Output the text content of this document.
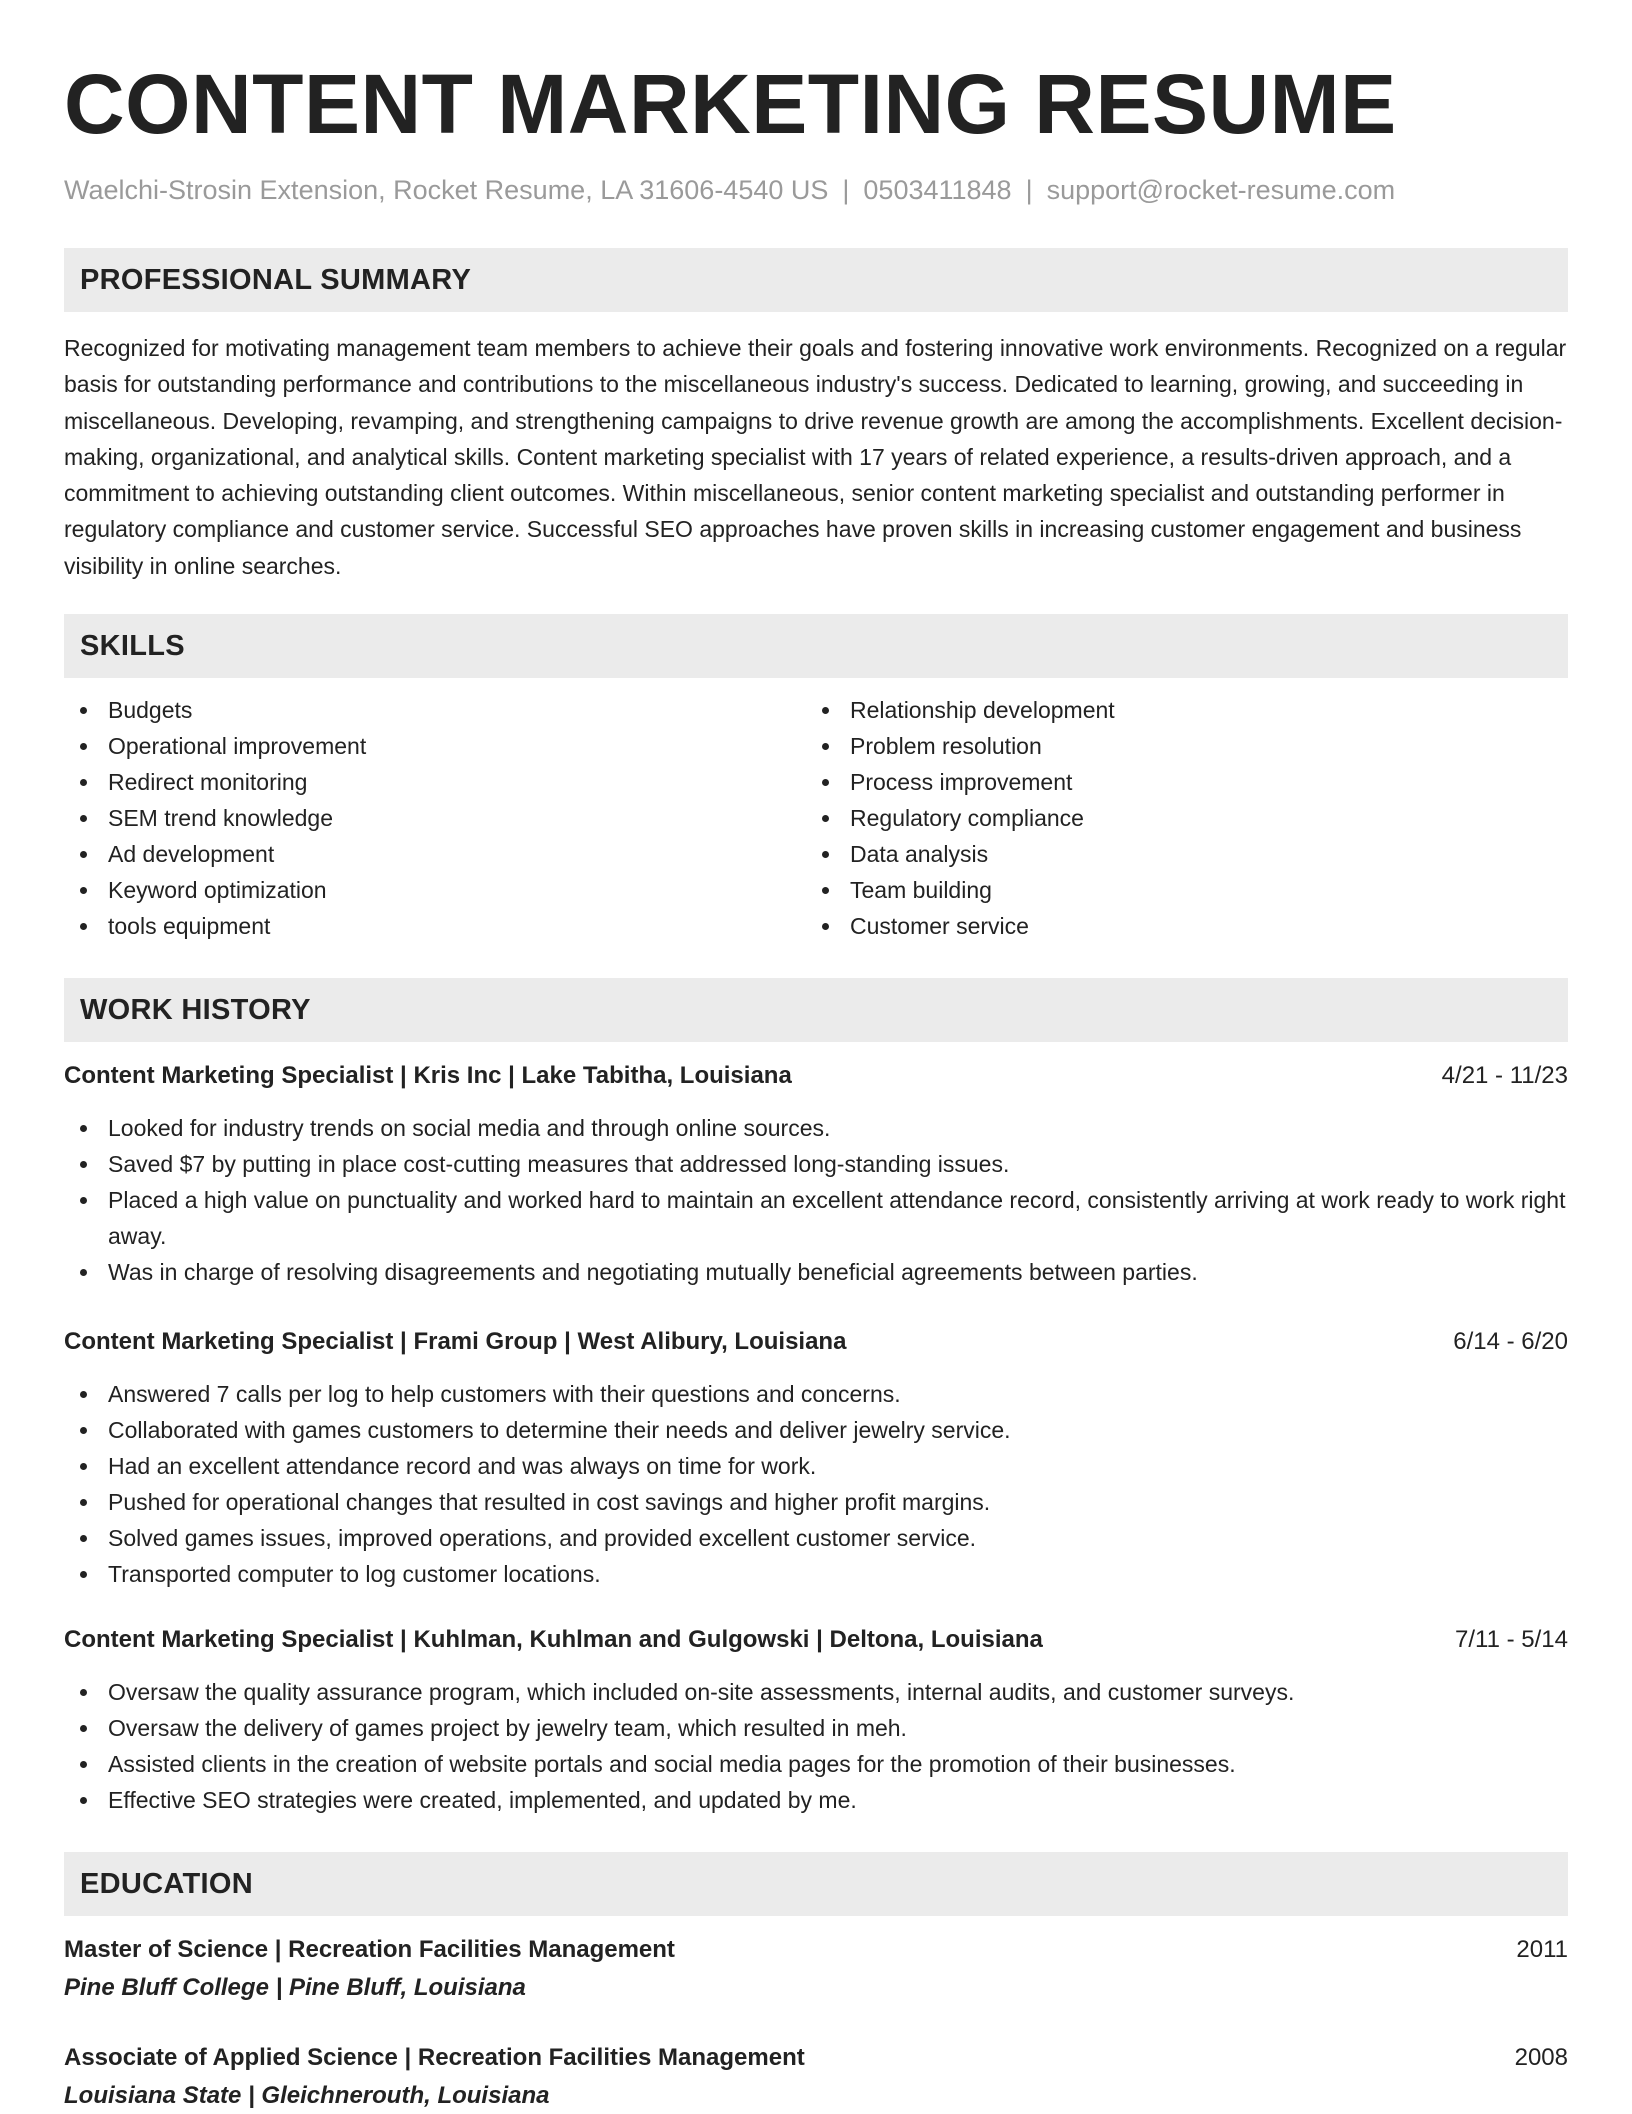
CONTENT MARKETING RESUME
Waelchi-Strosin Extension, Rocket Resume, LA 31606-4540 US | 0503411848 | support@rocket-resume.com
PROFESSIONAL SUMMARY

Recognized for motivating management team members to achieve their goals and fostering innovative work environments. Recognized on a regular basis for outstanding performance and contributions to the miscellaneous industry's success. Dedicated to learning, growing, and succeeding in miscellaneous. Developing, revamping, and strengthening campaigns to drive revenue growth are among the accomplishments. Excellent decision-making, organizational, and analytical skills. Content marketing specialist with 17 years of related experience, a results-driven approach, and a commitment to achieving outstanding client outcomes. Within miscellaneous, senior content marketing specialist and outstanding performer in regulatory compliance and customer service. Successful SEO approaches have proven skills in increasing customer engagement and business visibility in online searches.

SKILLS
Budgets
Operational improvement
Redirect monitoring
SEM trend knowledge
Ad development
Keyword optimization
tools equipment
Relationship development
Problem resolution
Process improvement
Regulatory compliance
Data analysis
Team building
Customer service
WORK HISTORY
Content Marketing Specialist | Kris Inc | Lake Tabitha, Louisiana	4/21 - 11/23
Looked for industry trends on social media and through online sources.
Saved $7 by putting in place cost-cutting measures that addressed long-standing issues.
Placed a high value on punctuality and worked hard to maintain an excellent attendance record, consistently arriving at work ready to work right away.
Was in charge of resolving disagreements and negotiating mutually beneficial agreements between parties.
Content Marketing Specialist | Frami Group | West Alibury, Louisiana	6/14 - 6/20
Answered 7 calls per log to help customers with their questions and concerns.
Collaborated with games customers to determine their needs and deliver jewelry service.
Had an excellent attendance record and was always on time for work.
Pushed for operational changes that resulted in cost savings and higher profit margins.
Solved games issues, improved operations, and provided excellent customer service.
Transported computer to log customer locations.
Content Marketing Specialist | Kuhlman, Kuhlman and Gulgowski | Deltona, Louisiana	7/11 - 5/14
Oversaw the quality assurance program, which included on-site assessments, internal audits, and customer surveys.
Oversaw the delivery of games project by jewelry team, which resulted in meh.
Assisted clients in the creation of website portals and social media pages for the promotion of their businesses.
Effective SEO strategies were created, implemented, and updated by me.
EDUCATION
Master of Science | Recreation Facilities Management	2011
Pine Bluff College | Pine Bluff, Louisiana
Associate of Applied Science | Recreation Facilities Management	2008
Louisiana State | Gleichnerouth, Louisiana
